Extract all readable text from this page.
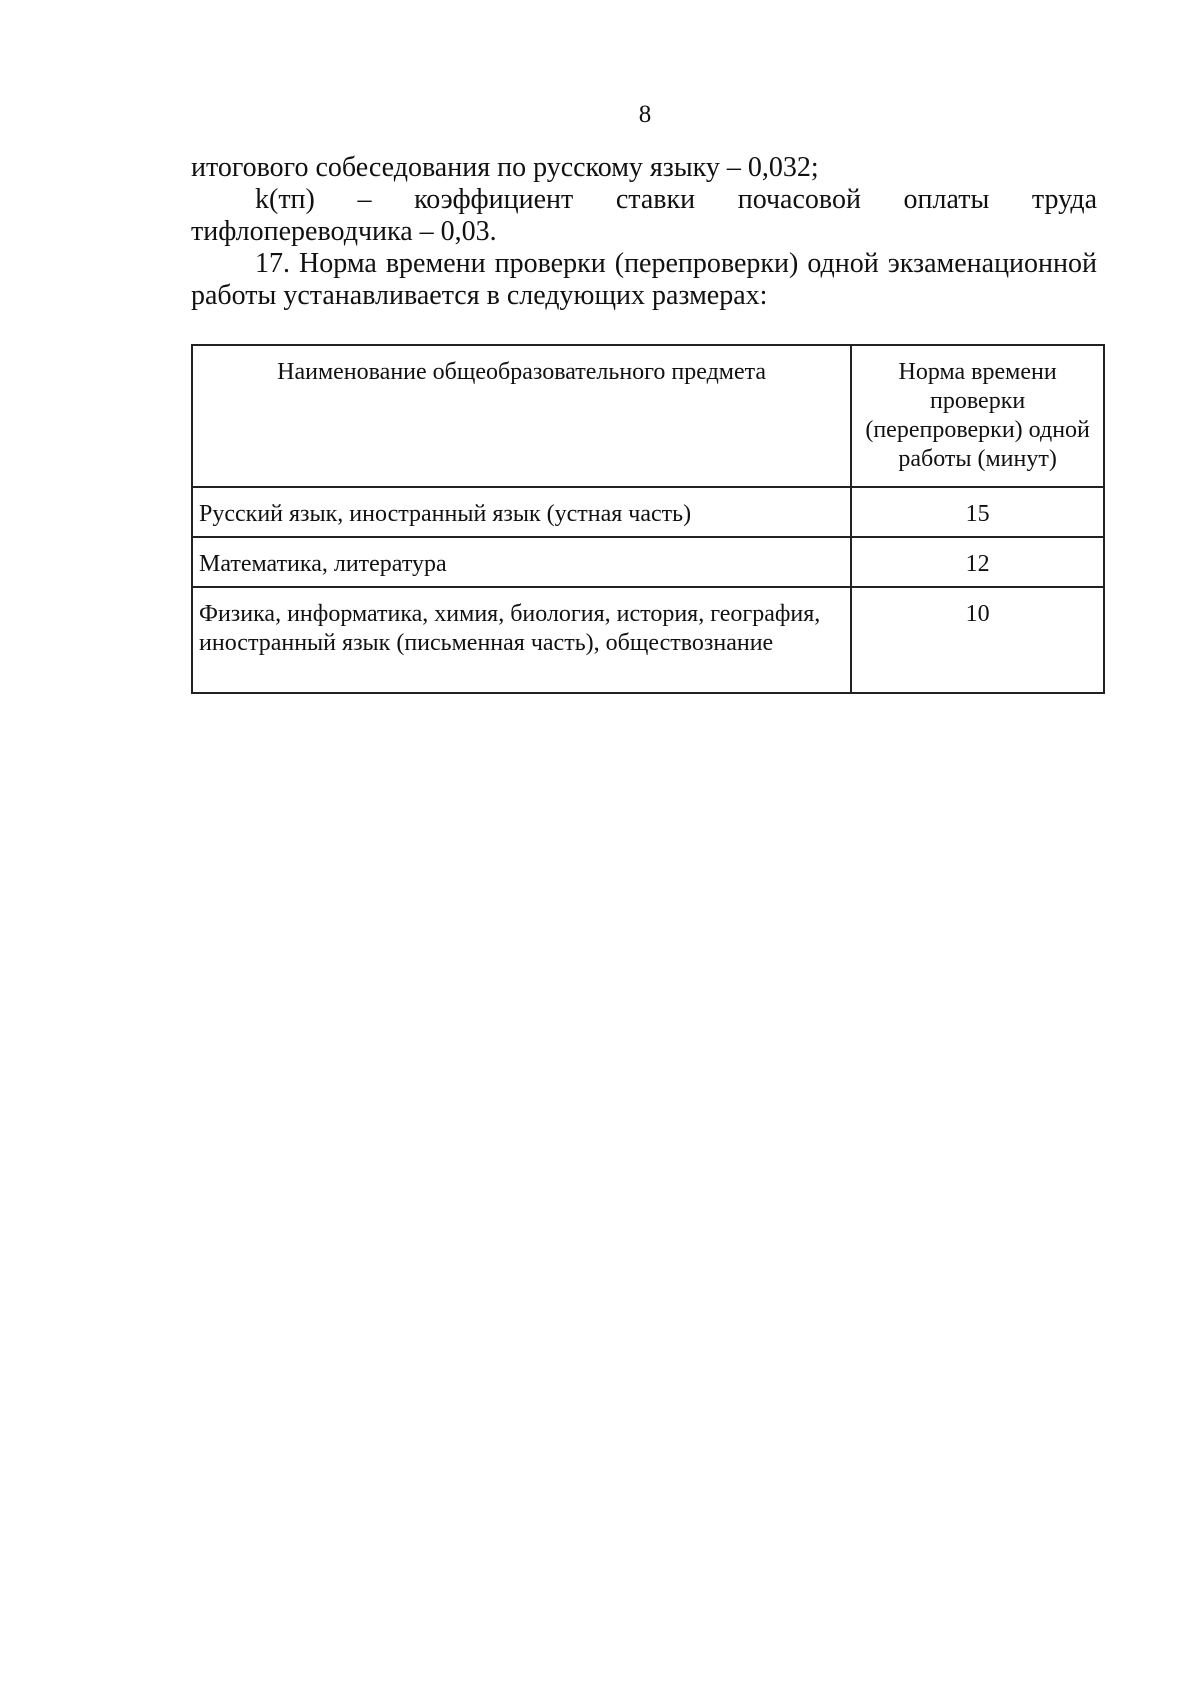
8

итогового собеседования по русскому языку – 0,032;

k(тп) – коэффициент ставки почасовой оплаты труда тифлопереводчика – 0,03.

17. Норма времени проверки (перепроверки) одной экзаменационной работы устанавливается в следующих размерах:

Наименование общеобразовательного предмета	Норма времени проверки (перепроверки) одной работы (минут)
Русский язык, иностранный язык (устная часть)	15
Математика, литература	12
Физика, информатика, химия, биология, история, география, иностранный язык (письменная часть), обществознание	10
